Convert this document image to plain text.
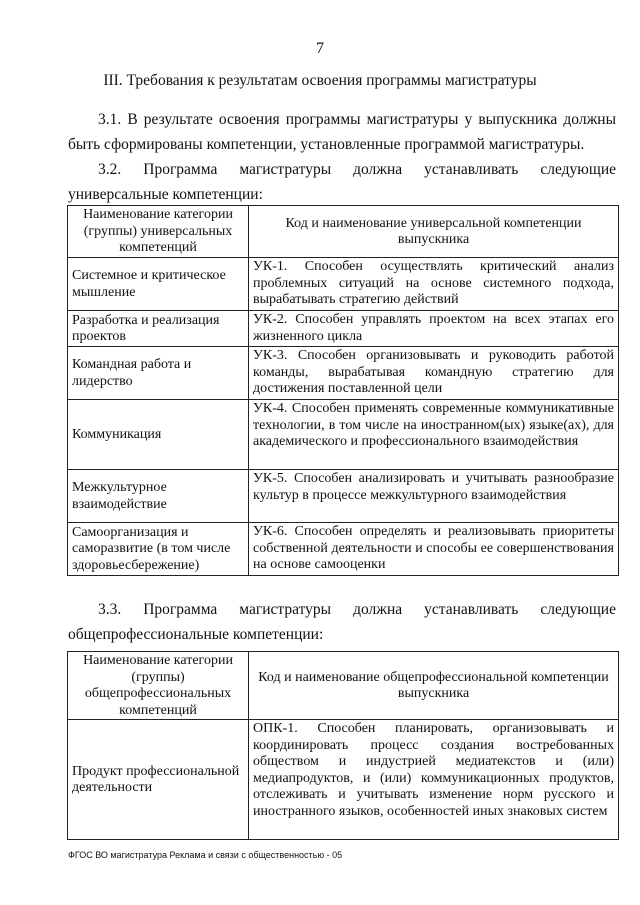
7
III. Требования к результатам освоения программы магистратуры
3.1. В результате освоения программы магистратуры у выпускника должны быть сформированы компетенции, установленные программой магистратуры.
3.2. Программа магистратуры должна устанавливать следующие универсальные компетенции:
Наименование категории (группы) универсальных компетенций	Код и наименование универсальной компетенции выпускника
Системное и критическое мышление	УК-1. Способен осуществлять критический анализ проблемных ситуаций на основе системного подхода, вырабатывать стратегию действий
Разработка и реализация проектов	УК-2. Способен управлять проектом на всех этапах его жизненного цикла
Командная работа и лидерство	УК-3. Способен организовывать и руководить работой команды, вырабатывая командную стратегию для достижения поставленной цели
Коммуникация	УК-4. Способен применять современные коммуникативные технологии, в том числе на иностранном(ых) языке(ах), для академического и профессионального взаимодействия
Межкультурное взаимодействие	УК-5. Способен анализировать и учитывать разнообразие культур в процессе межкультурного взаимодействия
Самоорганизация и саморазвитие (в том числе здоровьесбережение)	УК-6. Способен определять и реализовывать приоритеты собственной деятельности и способы ее совершенствования на основе самооценки
3.3. Программа магистратуры должна устанавливать следующие
общепрофессиональные компетенции:
Наименование категории (группы) общепрофессиональных компетенций	Код и наименование общепрофессиональной компетенции выпускника
Продукт профессиональной деятельности	ОПК-1. Способен планировать, организовывать и координировать процесс создания востребованных обществом и индустрией медиатекстов и (или) медиапродуктов, и (или) коммуникационных продуктов, отслеживать и учитывать изменение норм русского и иностранного языков, особенностей иных знаковых систем
ФГОС ВО магистратура Реклама и связи с общественностью - 05
